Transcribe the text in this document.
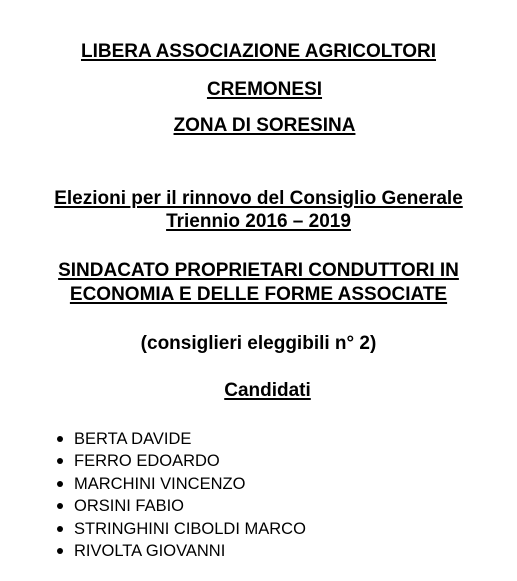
LIBERA ASSOCIAZIONE AGRICOLTORI
CREMONESI
ZONA DI SORESINA
Elezioni per il rinnovo del Consiglio Generale
Triennio 2016 – 2019
SINDACATO PROPRIETARI CONDUTTORI IN
ECONOMIA E DELLE FORME ASSOCIATE
(consiglieri eleggibili n° 2)
Candidati
BERTA DAVIDE
FERRO EDOARDO
MARCHINI VINCENZO
ORSINI FABIO
STRINGHINI CIBOLDI MARCO
RIVOLTA GIOVANNI
